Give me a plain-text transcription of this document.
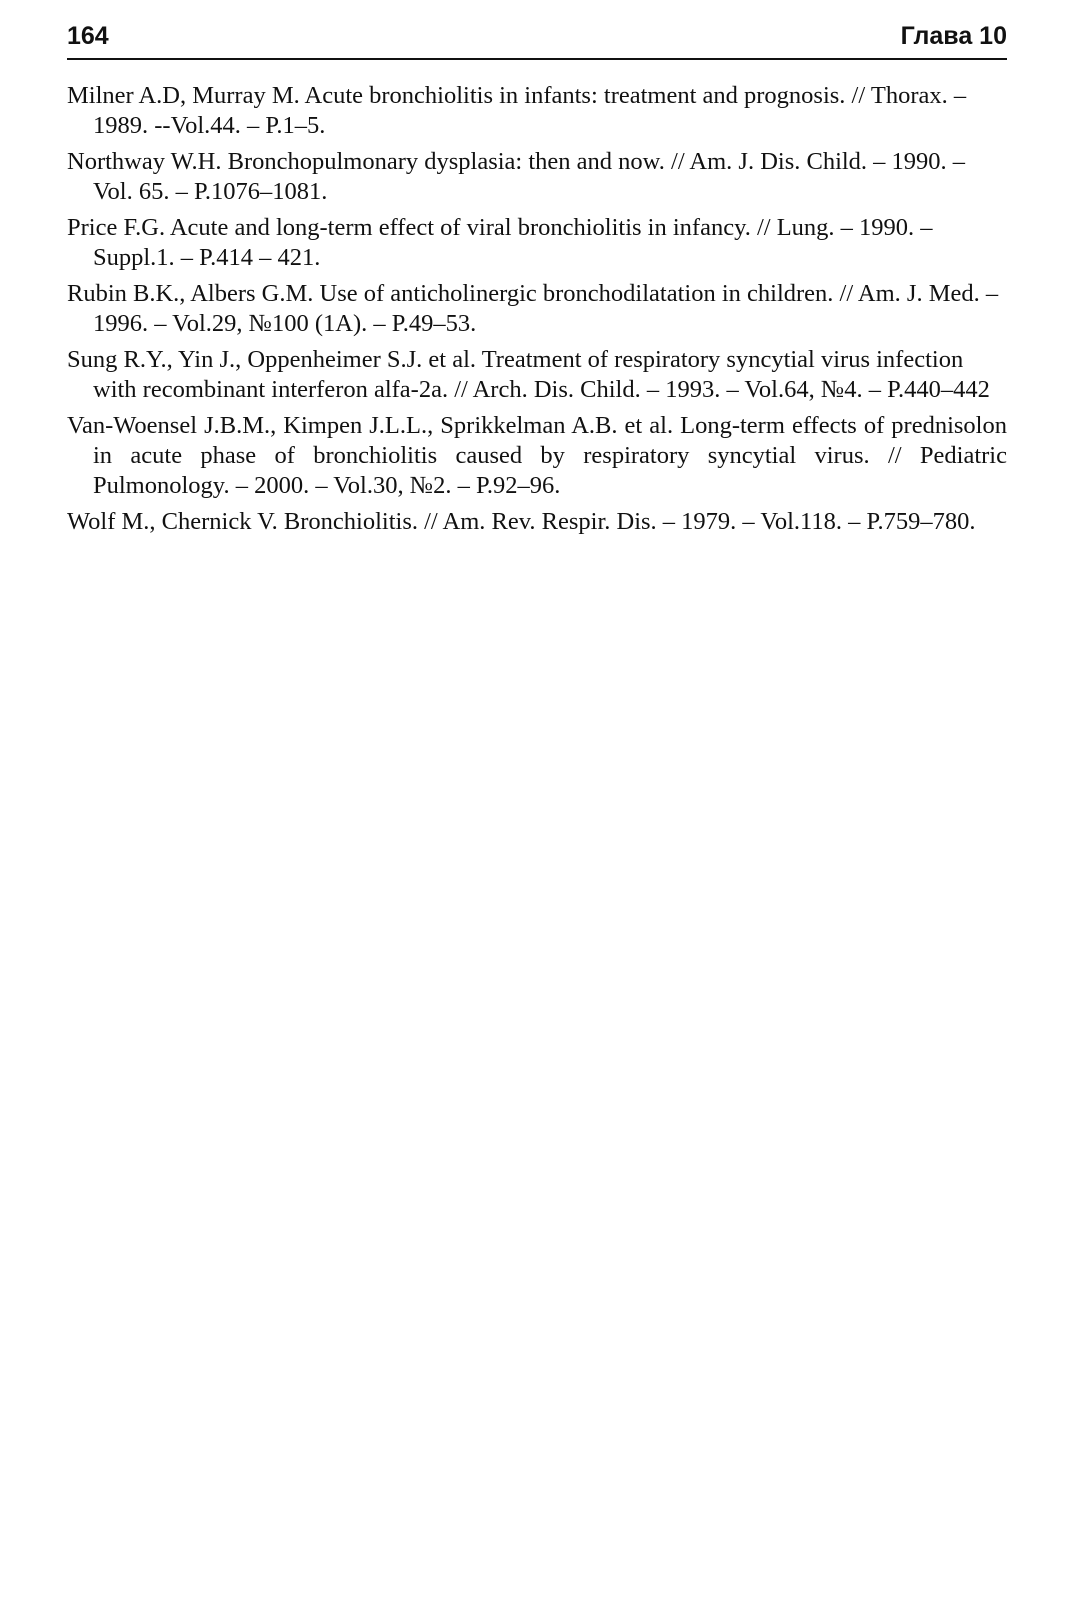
164	Глава 10

Milner A.D, Murray M. Acute bronchiolitis in infants: treatment and prognosis. // Thorax. – 1989. --Vol.44. – P.1–5.

Northway W.H. Bronchopulmonary dysplasia: then and now. // Am. J. Dis. Child. – 1990. – Vol. 65. – P.1076–1081.

Price F.G. Acute and long-term effect of viral bronchiolitis in infancy. // Lung. – 1990. – Suppl.1. – P.414 – 421.

Rubin B.K., Albers G.M. Use of anticholinergic bronchodilatation in children. // Am. J. Med. – 1996. – Vol.29, №100 (1A). – P.49–53.

Sung R.Y., Yin J., Oppenheimer S.J. et al. Treatment of respiratory syncytial virus infection with recombinant interferon alfa-2a. // Arch. Dis. Child. – 1993. – Vol.64, №4. – P.440–442

Van-Woensel J.B.M., Kimpen J.L.L., Sprikkelman A.B. et al. Long-term effects of prednisolon in acute phase of bronchiolitis caused by respiratory syncytial virus. // Pediatric Pulmonology. – 2000. – Vol.30, №2. – P.92–96.

Wolf M., Chernick V. Bronchiolitis. // Am. Rev. Respir. Dis. – 1979. – Vol.118. – P.759–780.
